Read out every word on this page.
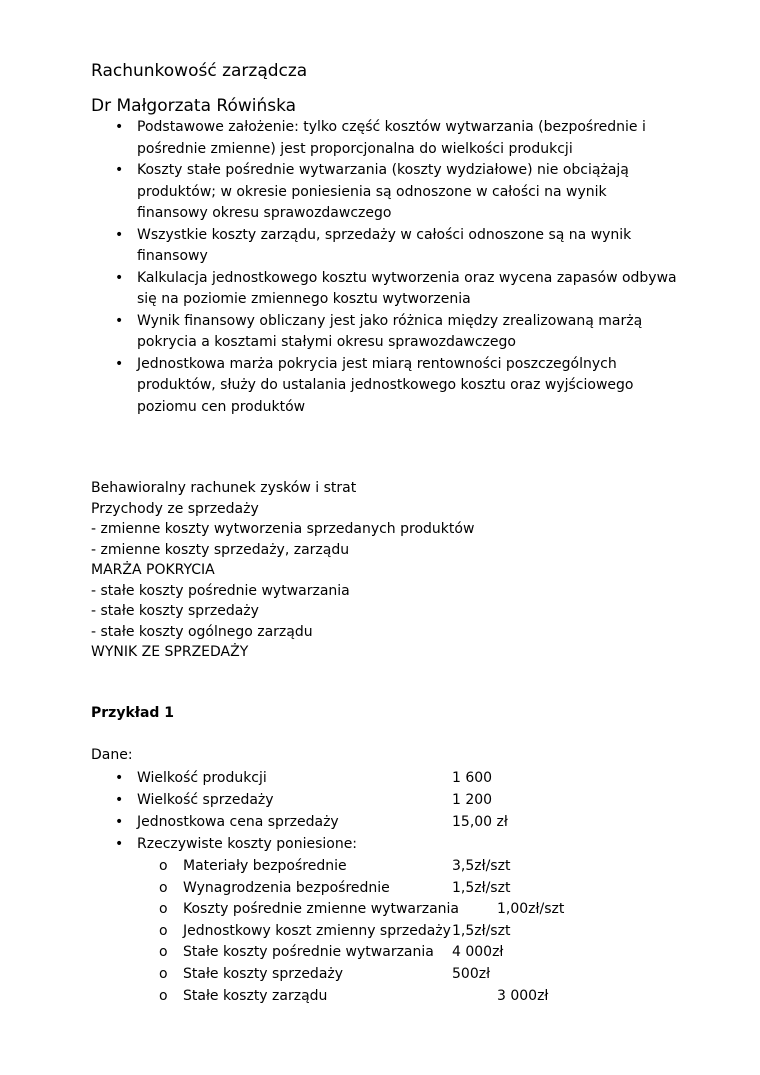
Rachunkowość zarządcza
Dr Małgorzata Rówińska
• Podstawowe założenie: tylko część kosztów wytwarzania (bezpośrednie i pośrednie zmienne) jest proporcjonalna do wielkości produkcji
• Koszty stałe pośrednie wytwarzania (koszty wydziałowe) nie obciążają produktów; w okresie poniesienia są odnoszone w całości na wynik finansowy okresu sprawozdawczego
• Wszystkie koszty zarządu, sprzedaży w całości odnoszone są na wynik finansowy
• Kalkulacja jednostkowego kosztu wytworzenia oraz wycena zapasów odbywa się na poziomie zmiennego kosztu wytworzenia
• Wynik finansowy obliczany jest jako różnica między zrealizowaną marżą pokrycia a kosztami stałymi okresu sprawozdawczego
• Jednostkowa marża pokrycia jest miarą rentowności poszczególnych produktów, służy do ustalania jednostkowego kosztu oraz wyjściowego poziomu cen produktów
Behawioralny rachunek zysków i strat
Przychody ze sprzedaży
- zmienne koszty wytworzenia sprzedanych produktów
- zmienne koszty sprzedaży, zarządu
MARŻA POKRYCIA
- stałe koszty pośrednie wytwarzania
- stałe koszty sprzedaży
- stałe koszty ogólnego zarządu
WYNIK ZE SPRZEDAŻY
Przykład 1
Dane:
• Wielkość produkcji	1 600
• Wielkość sprzedaży	1 200
• Jednostkowa cena sprzedaży	15,00 zł
• Rzeczywiste koszty poniesione:
o Materiały bezpośrednie	3,5zł/szt
o Wynagrodzenia bezpośrednie	1,5zł/szt
o Koszty pośrednie zmienne wytwarzania	1,00zł/szt
o Jednostkowy koszt zmienny sprzedaży 1,5zł/szt
o Stałe koszty pośrednie wytwarzania 4 000zł
o Stałe koszty sprzedaży	500zł
o Stałe koszty zarządu	3 000zł
